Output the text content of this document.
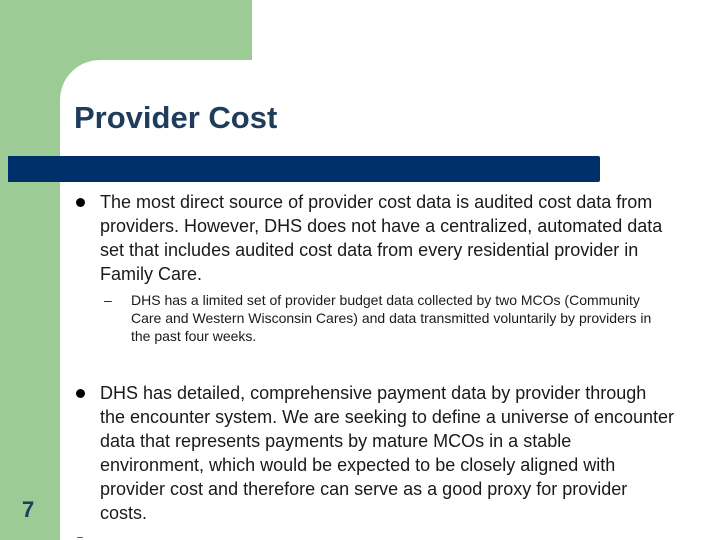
Provider Cost

The most direct source of provider cost data is audited cost data from providers. However, DHS does not have a centralized, automated data set that includes audited cost data from every residential provider in Family Care.

– DHS has a limited set of provider budget data collected by two MCOs (Community Care and Western Wisconsin Cares) and data transmitted voluntarily by providers in the past four weeks.

DHS has detailed, comprehensive payment data by provider through the encounter system. We are seeking to define a universe of encounter data that represents payments by mature MCOs in a stable environment, which would be expected to be closely aligned with provider cost and therefore can serve as a good proxy for provider costs.

7
